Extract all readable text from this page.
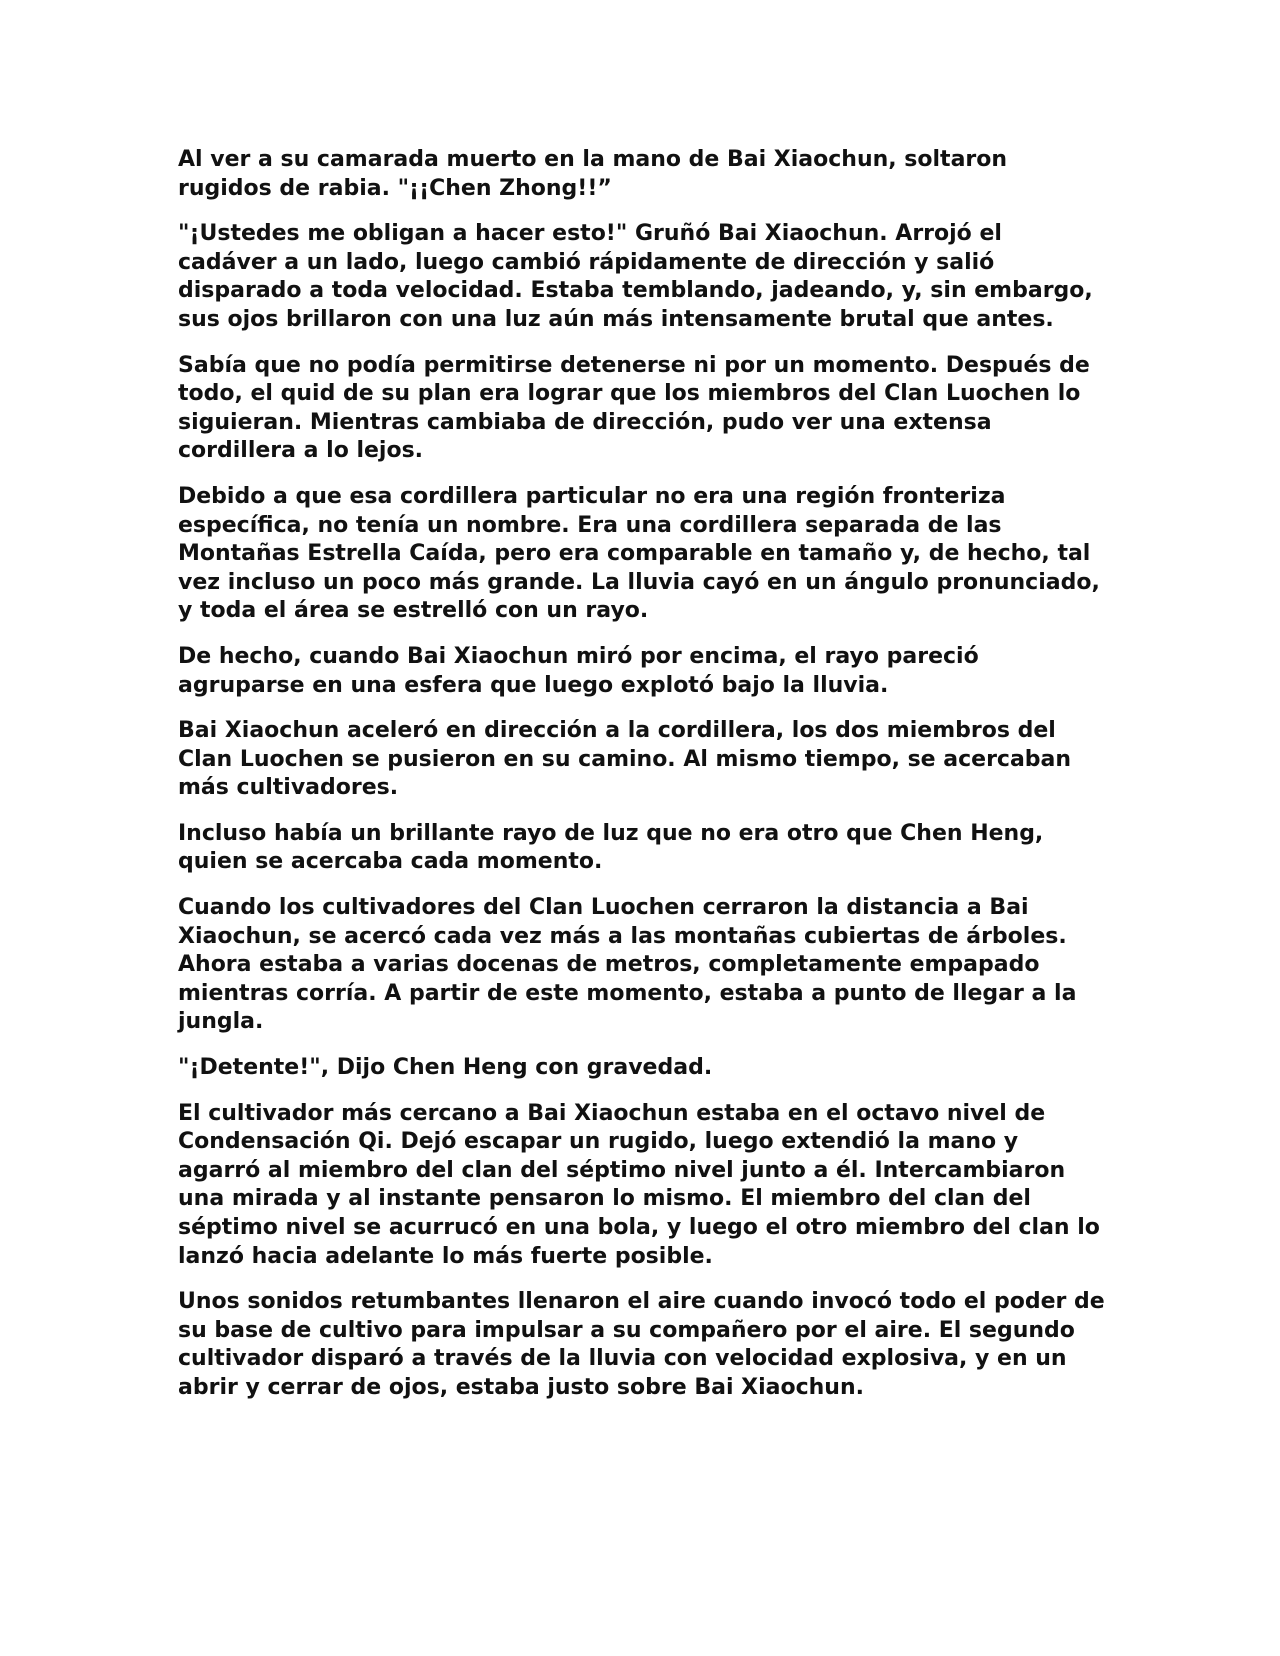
Al ver a su camarada muerto en la mano de Bai Xiaochun, soltaron rugidos de rabia. "¡¡Chen Zhong!!”

"¡Ustedes me obligan a hacer esto!" Gruñó Bai Xiaochun. Arrojó el cadáver a un lado, luego cambió rápidamente de dirección y salió disparado a toda velocidad. Estaba temblando, jadeando, y, sin embargo, sus ojos brillaron con una luz aún más intensamente brutal que antes.

Sabía que no podía permitirse detenerse ni por un momento. Después de todo, el quid de su plan era lograr que los miembros del Clan Luochen lo siguieran. Mientras cambiaba de dirección, pudo ver una extensa cordillera a lo lejos.

Debido a que esa cordillera particular no era una región fronteriza específica, no tenía un nombre. Era una cordillera separada de las Montañas Estrella Caída, pero era comparable en tamaño y, de hecho, tal vez incluso un poco más grande. La lluvia cayó en un ángulo pronunciado, y toda el área se estrelló con un rayo.

De hecho, cuando Bai Xiaochun miró por encima, el rayo pareció agruparse en una esfera que luego explotó bajo la lluvia.

Bai Xiaochun aceleró en dirección a la cordillera, los dos miembros del Clan Luochen se pusieron en su camino. Al mismo tiempo, se acercaban más cultivadores.

Incluso había un brillante rayo de luz que no era otro que Chen Heng, quien se acercaba cada momento.

Cuando los cultivadores del Clan Luochen cerraron la distancia a Bai Xiaochun, se acercó cada vez más a las montañas cubiertas de árboles. Ahora estaba a varias docenas de metros, completamente empapado mientras corría. A partir de este momento, estaba a punto de llegar a la jungla.

"¡Detente!", Dijo Chen Heng con gravedad.

El cultivador más cercano a Bai Xiaochun estaba en el octavo nivel de Condensación Qi. Dejó escapar un rugido, luego extendió la mano y agarró al miembro del clan del séptimo nivel junto a él. Intercambiaron una mirada y al instante pensaron lo mismo. El miembro del clan del séptimo nivel se acurrucó en una bola, y luego el otro miembro del clan lo lanzó hacia adelante lo más fuerte posible.

Unos sonidos retumbantes llenaron el aire cuando invocó todo el poder de su base de cultivo para impulsar a su compañero por el aire. El segundo cultivador disparó a través de la lluvia con velocidad explosiva, y en un abrir y cerrar de ojos, estaba justo sobre Bai Xiaochun.
